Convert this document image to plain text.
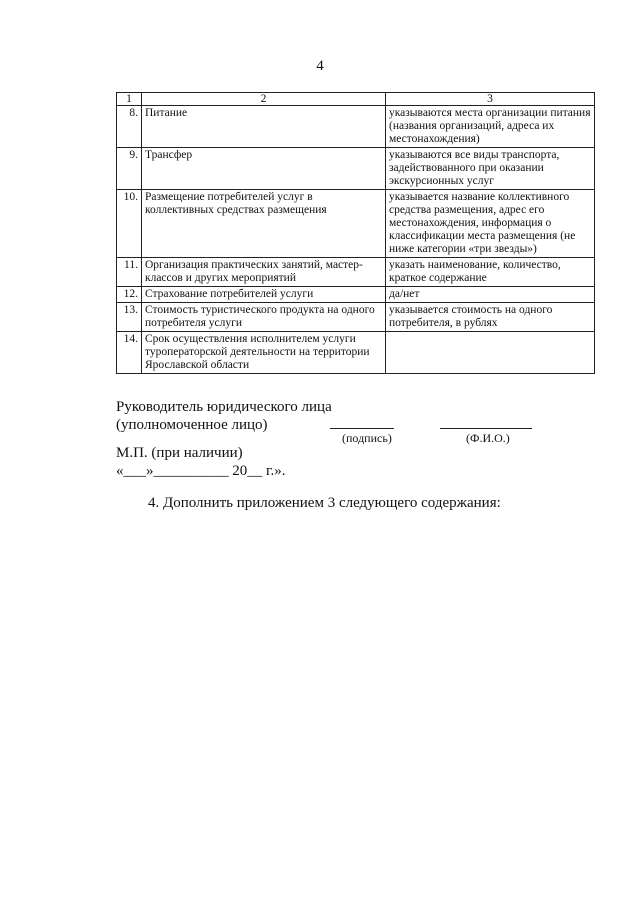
4
1	2	3
8.	Питание	указываются места организации питания (названия организаций, адреса их местонахождения)
9.	Трансфер	указываются все виды транспорта, задействованного при оказании экскурсионных услуг
10.	Размещение потребителей услуг в коллективных средствах размещения	указывается название коллективного средства размещения, адрес его местонахождения, информация о классификации места размещения (не ниже категории «три звезды»)
11.	Организация практических занятий, мастер-классов и других мероприятий	указать наименование, количество, краткое содержание
12.	Страхование потребителей услуги	да/нет
13.	Стоимость туристического продукта на одного потребителя услуги	указывается стоимость на одного потребителя, в рублях
14.	Срок осуществления исполнителем услуги туроператорской деятельности на территории Ярославской области	
Руководитель юридического лица
(уполномоченное лицо)
(подпись)	(Ф.И.О.)
М.П. (при наличии)
«___»__________ 20__ г.».
4. Дополнить приложением 3 следующего содержания:
